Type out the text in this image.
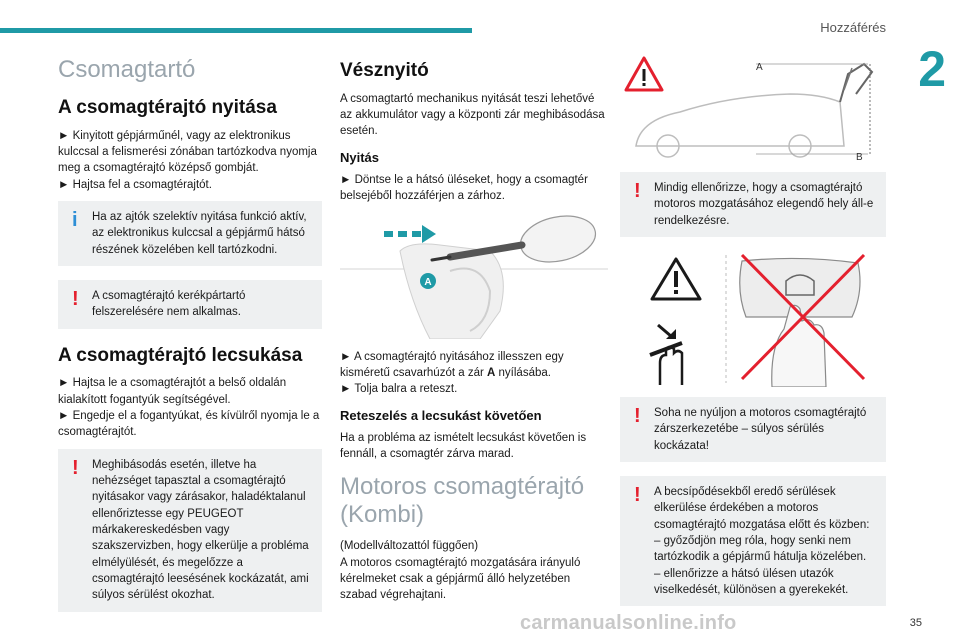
Hozzáférés
2
Csomagtartó
A csomagtérajtó nyitása
► Kinyitott gépjárműnél, vagy az elektronikus kulccsal a felismerési zónában tartózkodva nyomja meg a csomagtérajtó középső gombját.
► Hajtsa fel a csomagtérajtót.
i Ha az ajtók szelektív nyitása funkció aktív, az elektronikus kulccsal a gépjármű hátsó részének közelében kell tartózkodni.
! A csomagtérajtó kerékpártartó felszerelésére nem alkalmas.
A csomagtérajtó lecsukása
► Hajtsa le a csomagtérajtót a belső oldalán kialakított fogantyúk segítségével.
► Engedje el a fogantyúkat, és kívülről nyomja le a csomagtérajtót.
! Meghibásodás esetén, illetve ha nehézséget tapasztal a csomagtérajtó nyitásakor vagy zárásakor, haladéktalanul ellenőriztesse egy PEUGEOT márkakereskedésben vagy szakszervizben, hogy elkerülje a probléma elmélyülését, és megelőzze a csomagtérajtó leesésének kockázatát, ami súlyos sérülést okozhat.
Vésznyitó
A csomagtartó mechanikus nyitását teszi lehetővé az akkumulátor vagy a központi zár meghibásodása esetén.
Nyitás
► Döntse le a hátsó üléseket, hogy a csomagtér belsejéből hozzáférjen a zárhoz.
A
► A csomagtérajtó nyitásához illesszen egy kisméretű csavarhúzót a zár A nyílásába.
► Tolja balra a reteszt.
Reteszelés a lecsukást követően
Ha a probléma az ismételt lecsukást követően is fennáll, a csomagtér zárva marad.
Motoros csomagtérajtó (Kombi)
(Modellváltozattól függően)
A motoros csomagtérajtó mozgatására irányuló kérelmeket csak a gépjármű álló helyzetében szabad végrehajtani.
A
B
! Mindig ellenőrizze, hogy a csomagtérajtó motoros mozgatásához elegendő hely áll-e rendelkezésre.
! Soha ne nyúljon a motoros csomagtérajtó zárszerkezetébe – súlyos sérülés kockázata!
! A becsípődésekből eredő sérülések elkerülése érdekében a motoros csomagtérajtó mozgatása előtt és közben:
– győződjön meg róla, hogy senki nem tartózkodik a gépjármű hátulja közelében.
– ellenőrizze a hátsó ülésen utazók viselkedését, különösen a gyerekekét.
35
carmanualsonline.info
